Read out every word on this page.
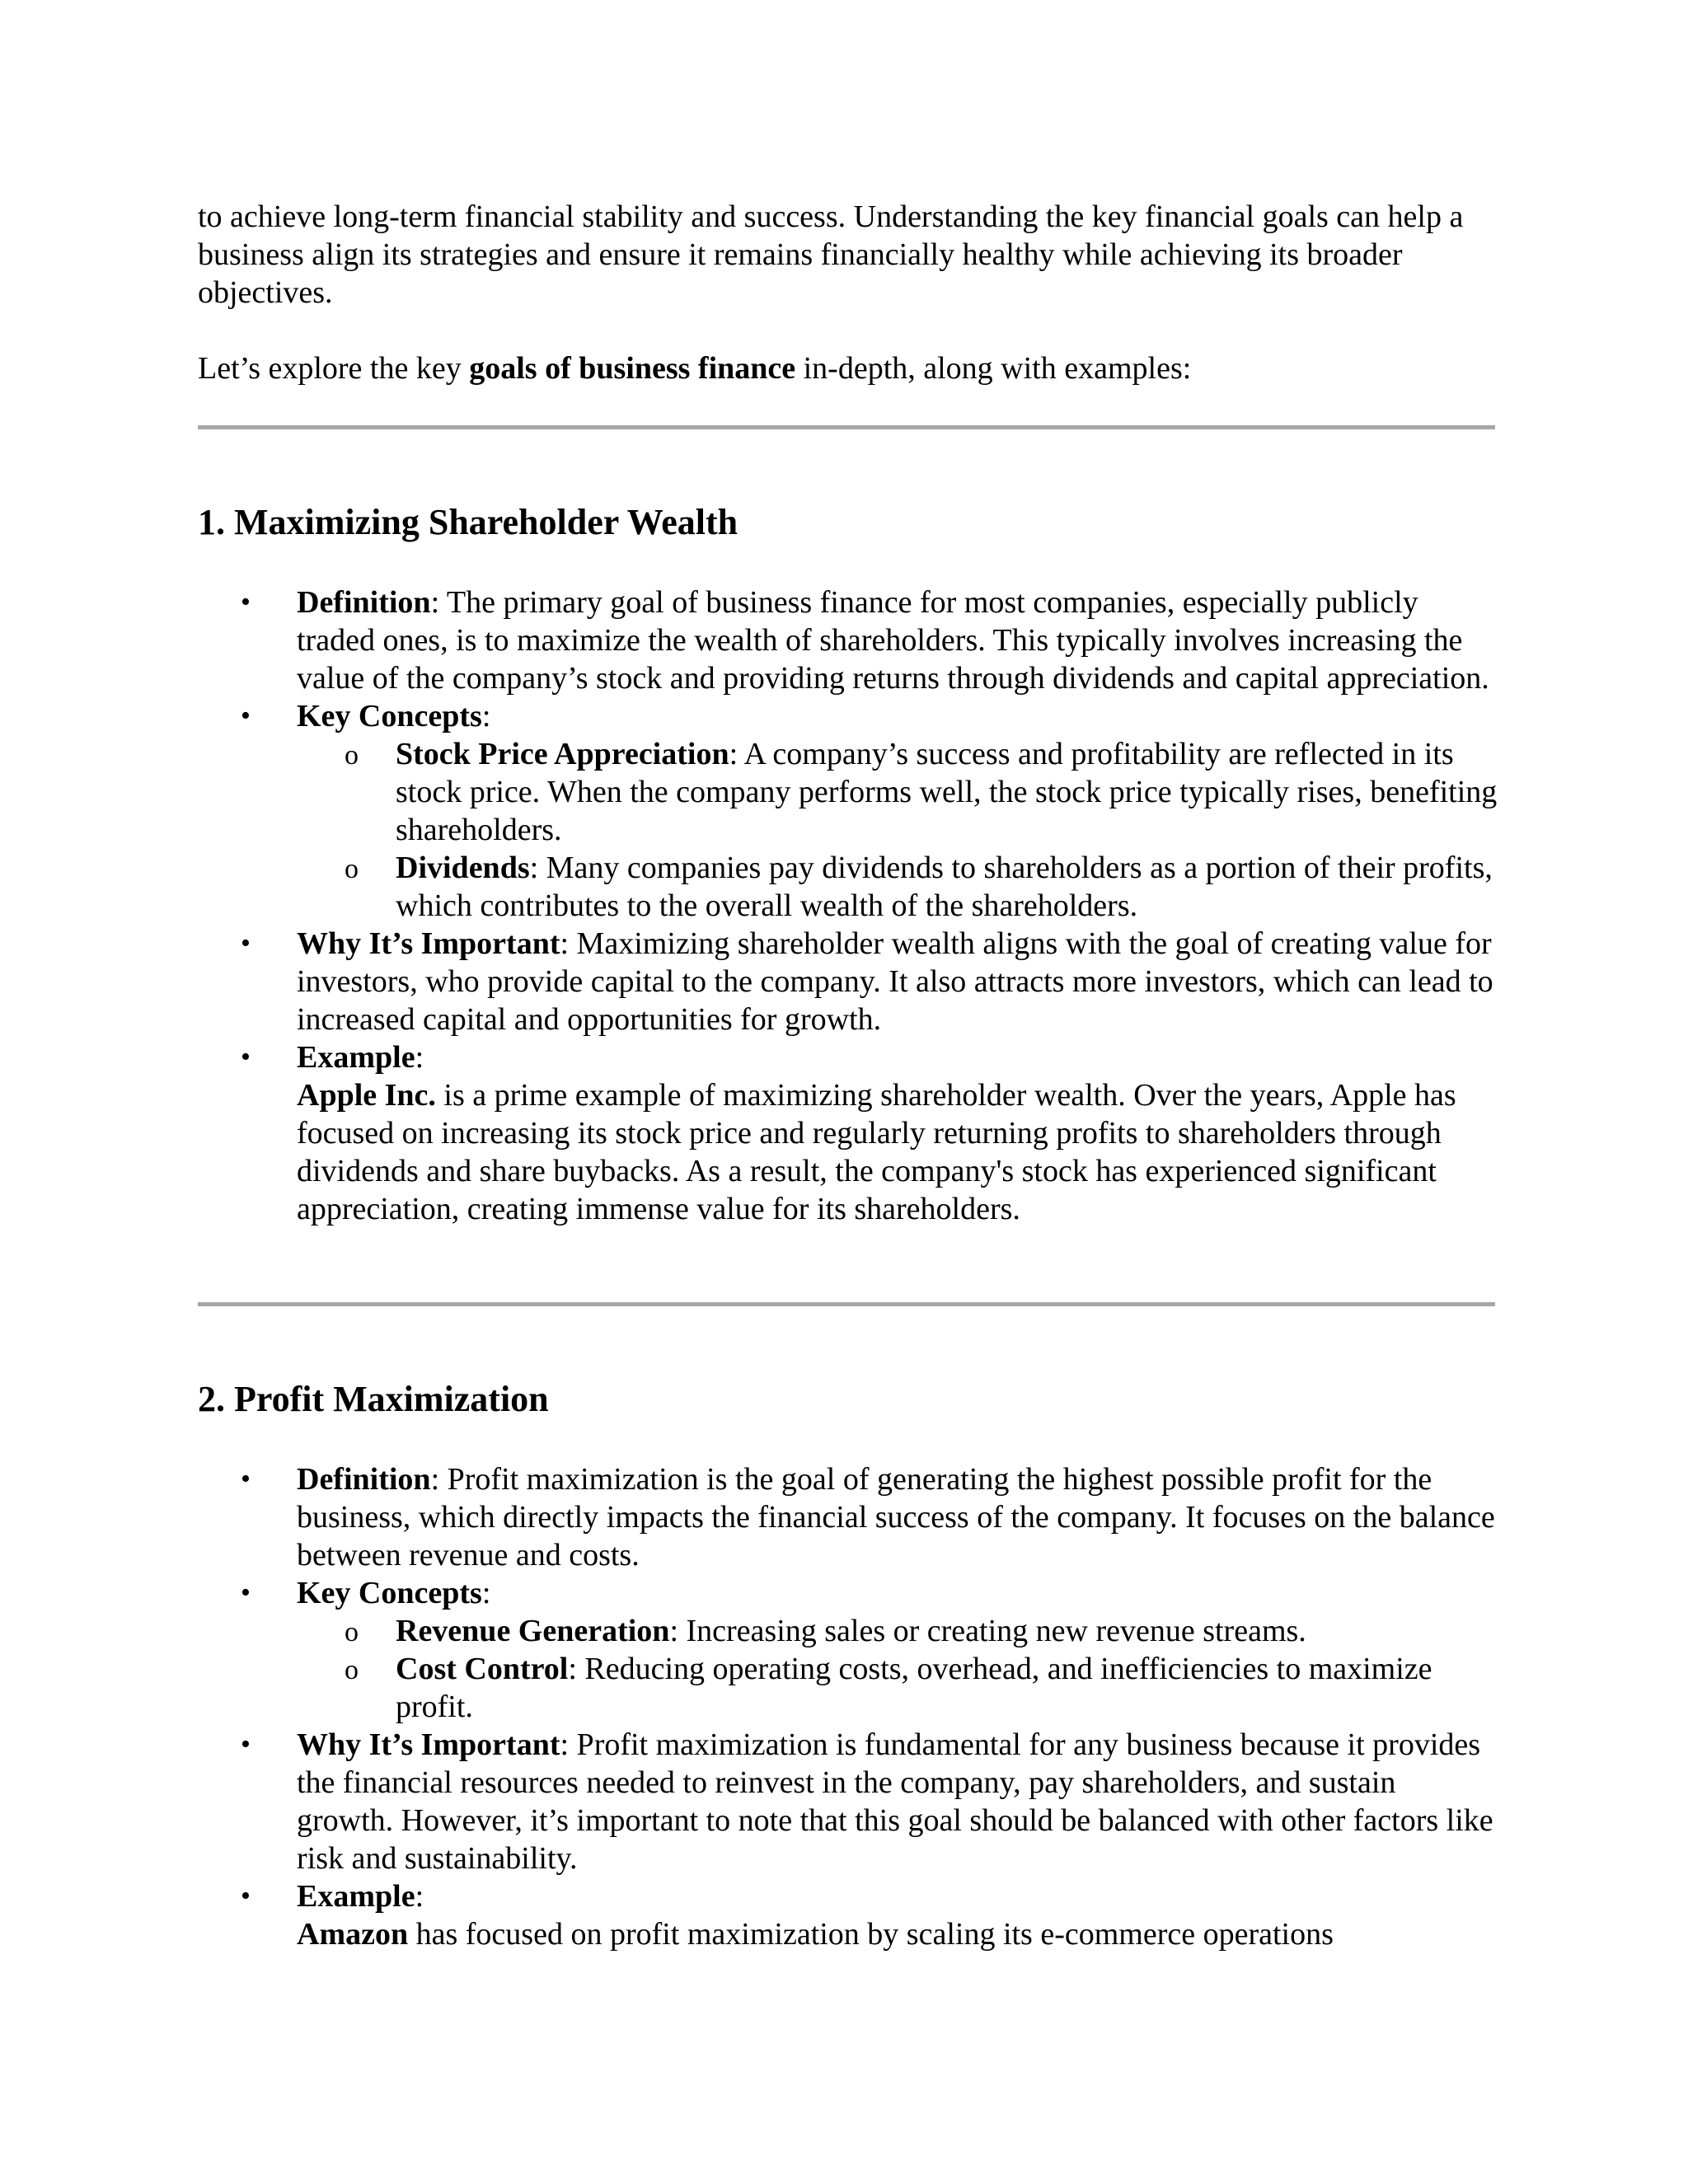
to achieve long-term financial stability and success. Understanding the key financial goals can help a business align its strategies and ensure it remains financially healthy while achieving its broader objectives.

Let’s explore the key goals of business finance in-depth, along with examples:

1. Maximizing Shareholder Wealth
• Definition: The primary goal of business finance for most companies, especially publicly traded ones, is to maximize the wealth of shareholders. This typically involves increasing the value of the company’s stock and providing returns through dividends and capital appreciation.
• Key Concepts:
o Stock Price Appreciation: A company’s success and profitability are reflected in its stock price. When the company performs well, the stock price typically rises, benefiting shareholders.
o Dividends: Many companies pay dividends to shareholders as a portion of their profits, which contributes to the overall wealth of the shareholders.
• Why It’s Important: Maximizing shareholder wealth aligns with the goal of creating value for investors, who provide capital to the company. It also attracts more investors, which can lead to increased capital and opportunities for growth.
• Example:
Apple Inc. is a prime example of maximizing shareholder wealth. Over the years, Apple has focused on increasing its stock price and regularly returning profits to shareholders through dividends and share buybacks. As a result, the company's stock has experienced significant appreciation, creating immense value for its shareholders.
2. Profit Maximization
• Definition: Profit maximization is the goal of generating the highest possible profit for the business, which directly impacts the financial success of the company. It focuses on the balance between revenue and costs.
• Key Concepts:
o Revenue Generation: Increasing sales or creating new revenue streams.
o Cost Control: Reducing operating costs, overhead, and inefficiencies to maximize profit.
• Why It’s Important: Profit maximization is fundamental for any business because it provides the financial resources needed to reinvest in the company, pay shareholders, and sustain growth. However, it’s important to note that this goal should be balanced with other factors like risk and sustainability.
• Example:
Amazon has focused on profit maximization by scaling its e-commerce operations
